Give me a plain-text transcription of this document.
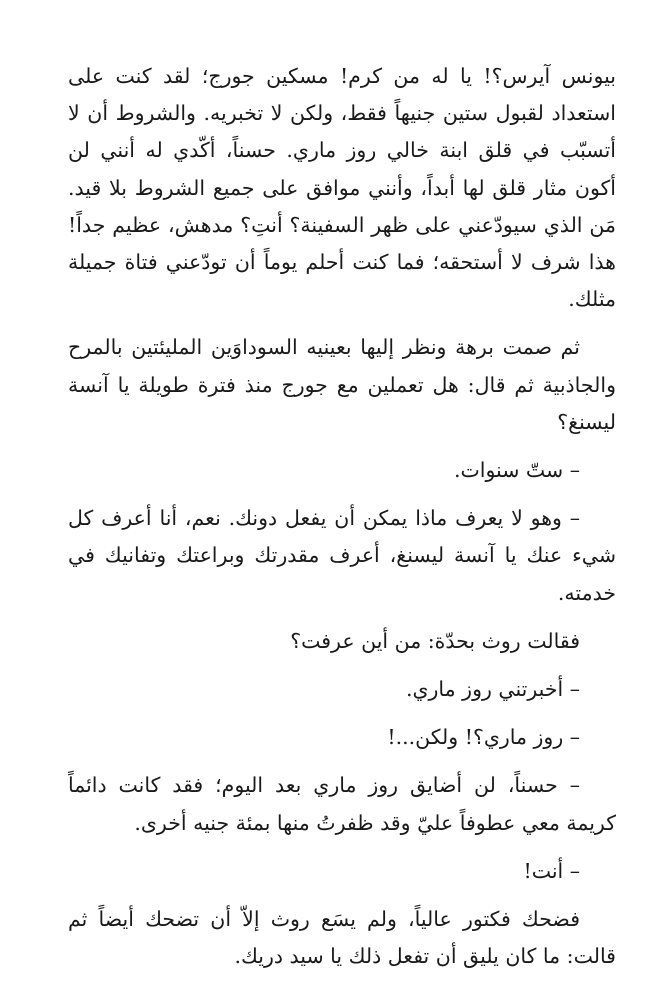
بيونس آيرس؟! يا له من كرم! مسكين جورج؛ لقد كنت على استعداد لقبول ستين جنيهاً فقط، ولكن لا تخبريه. والشروط أن لا أتسبّب في قلق ابنة خالي روز ماري. حسناً، أكّدي له أنني لن أكون مثار قلق لها أبداً، وأنني موافق على جميع الشروط بلا قيد. مَن الذي سيودّعني على ظهر السفينة؟ أنتِ؟ مدهش، عظيم جداً! هذا شرف لا أستحقه؛ فما كنت أحلم يوماً أن تودّعني فتاة جميلة مثلك.

ثم صمت برهة ونظر إليها بعينيه السوداوَين المليئتين بالمرح والجاذبية ثم قال: هل تعملين مع جورج منذ فترة طويلة يا آنسة ليسنغ؟

– ستّ سنوات.

– وهو لا يعرف ماذا يمكن أن يفعل دونك. نعم، أنا أعرف كل شيء عنك يا آنسة ليسنغ، أعرف مقدرتك وبراعتك وتفانيك في خدمته.

فقالت روث بحدّة: من أين عرفت؟

– أخبرتني روز ماري.

– روز ماري؟! ولكن...!

– حسناً، لن أضايق روز ماري بعد اليوم؛ فقد كانت دائماً كريمة معي عطوفاً عليّ وقد ظفرتُ منها بمئة جنيه أخرى.

– أنت!

فضحك فكتور عالياً، ولم يسَع روث إلاّ أن تضحك أيضاً ثم قالت: ما كان يليق أن تفعل ذلك يا سيد دريك.
